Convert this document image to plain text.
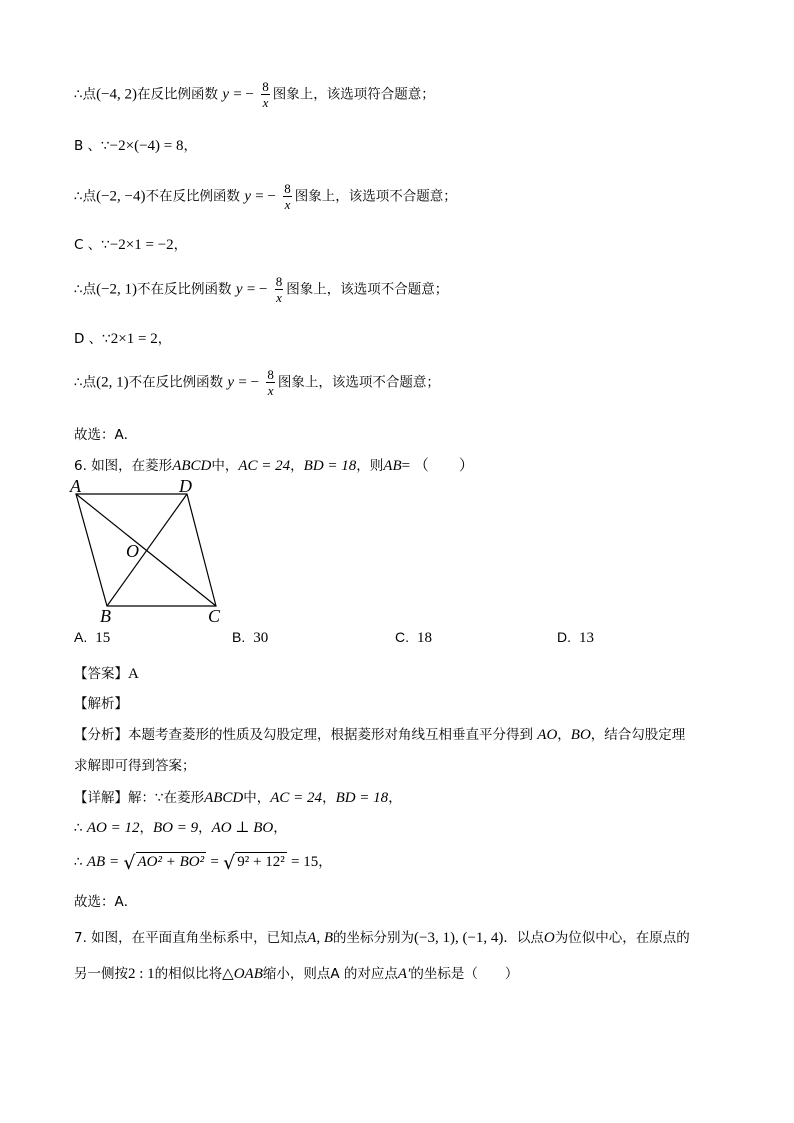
∴点(−4, 2)在反比例函数 y = − $\frac{8}{x}$ 图象上，该选项符合题意；
B 、∵−2×(−4) = 8，
∴点(−2, −4)不在反比例函数 y = − $\frac{8}{x}$ 图象上，该选项不合题意；
C 、∵−2×1 = −2，
∴点(−2, 1)不在反比例函数 y = − $\frac{8}{x}$ 图象上，该选项不合题意；
D 、∵2×1 = 2，
∴点(2, 1)不在反比例函数 y = − $\frac{8}{x}$ 图象上，该选项不合题意；
故选：A．
6. 如图，在菱形ABCD中，AC = 24，BD = 18，则AB= （　　）
A	D
O
B	C
A. 15	B. 30	C. 18	D. 13
【答案】A
【解析】
【分析】本题考查菱形的性质及勾股定理，根据菱形对角线互相垂直平分得到 AO，BO，结合勾股定理
求解即可得到答案；
【详解】解：∵在菱形ABCD中，AC = 24，BD = 18，
∴ AO = 12，BO = 9，AO ⊥ BO，
∴ AB = √ AO² + BO² = √ 9² + 12² = 15，
故选：A．
7. 如图，在平面直角坐标系中，已知点A, B的坐标分别为(−3, 1), (−1, 4)．以点O为位似中心，在原点的
另一侧按2 : 1的相似比将△OAB缩小，则点A 的对应点A′的坐标是（　　）
